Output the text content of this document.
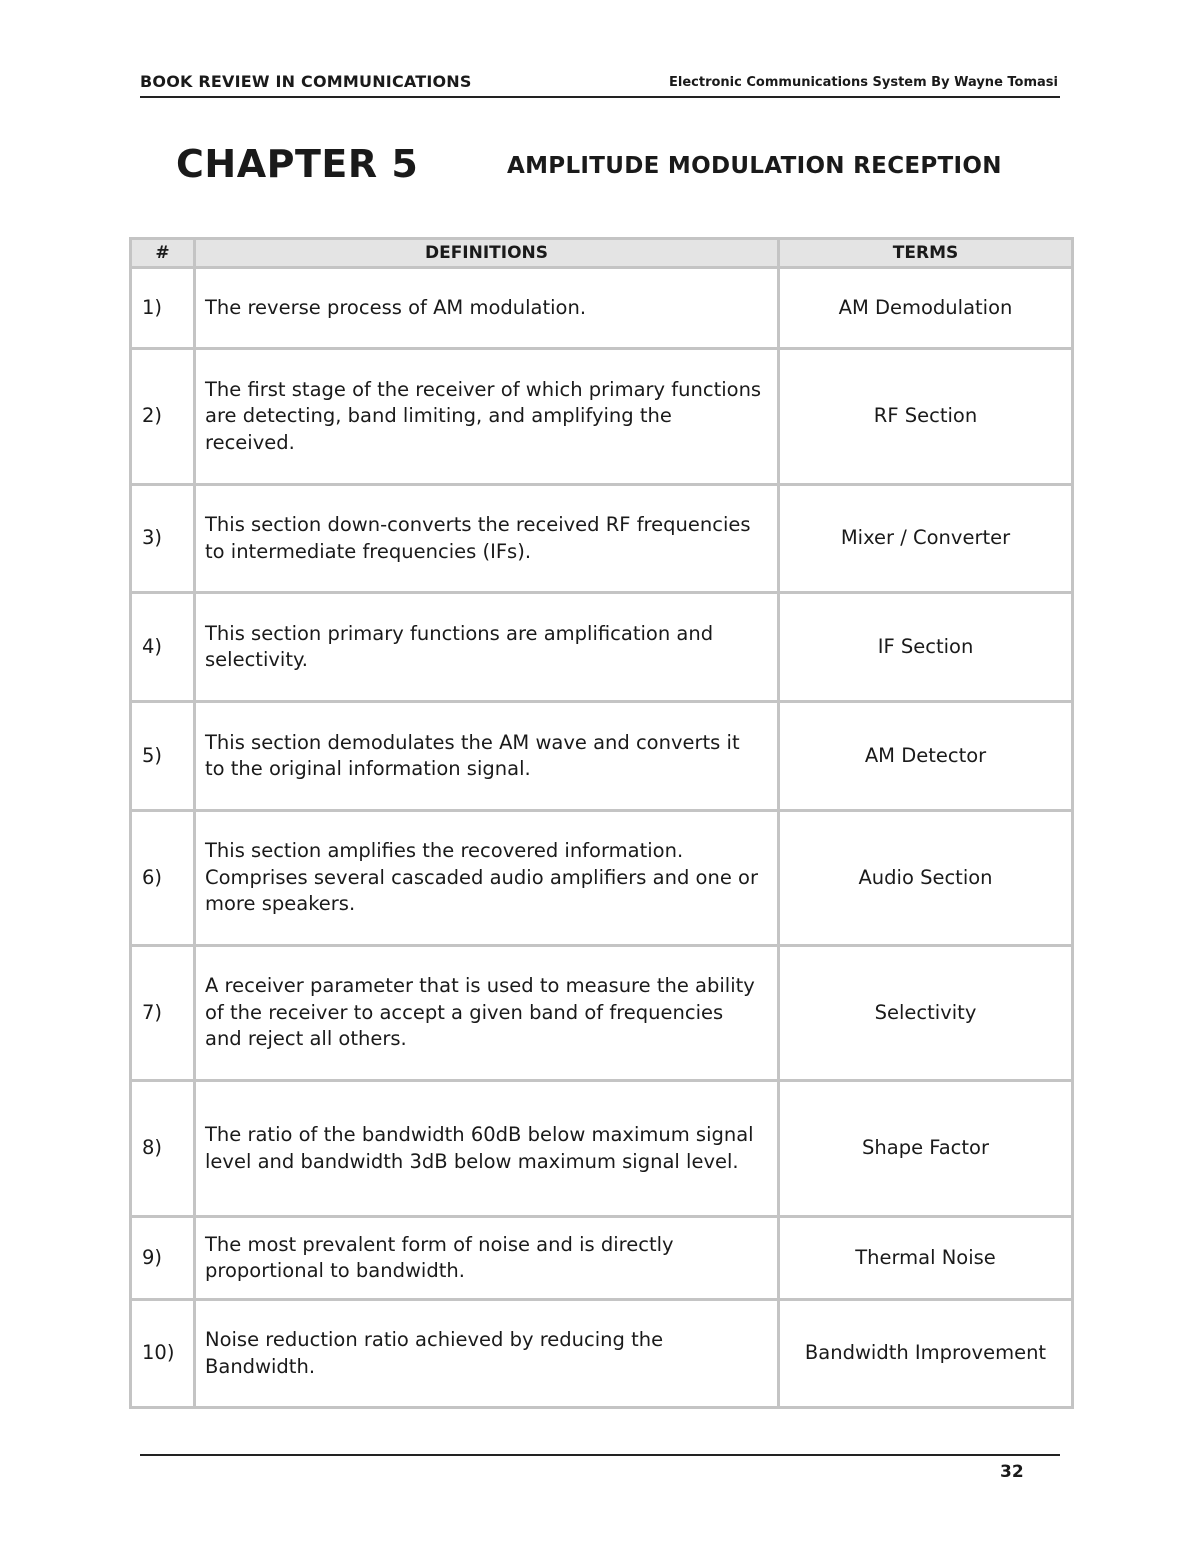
BOOK REVIEW IN COMMUNICATIONS	Electronic Communications System By Wayne Tomasi
CHAPTER 5	AMPLITUDE MODULATION RECEPTION
#	DEFINITIONS	TERMS
1)	The reverse process of AM modulation.	AM Demodulation
2)	The first stage of the receiver of which primary functions are detecting, band limiting, and amplifying the received.	RF Section
3)	This section down-converts the received RF frequencies to intermediate frequencies (IFs).	Mixer / Converter
4)	This section primary functions are amplification and selectivity.	IF Section
5)	This section demodulates the AM wave and converts it to the original information signal.	AM Detector
6)	This section amplifies the recovered information. Comprises several cascaded audio amplifiers and one or more speakers.	Audio Section
7)	A receiver parameter that is used to measure the ability of the receiver to accept a given band of frequencies and reject all others.	Selectivity
8)	The ratio of the bandwidth 60dB below maximum signal level and bandwidth 3dB below maximum signal level.	Shape Factor
9)	The most prevalent form of noise and is directly proportional to bandwidth.	Thermal Noise
10)	Noise reduction ratio achieved by reducing the Bandwidth.	Bandwidth Improvement
32
